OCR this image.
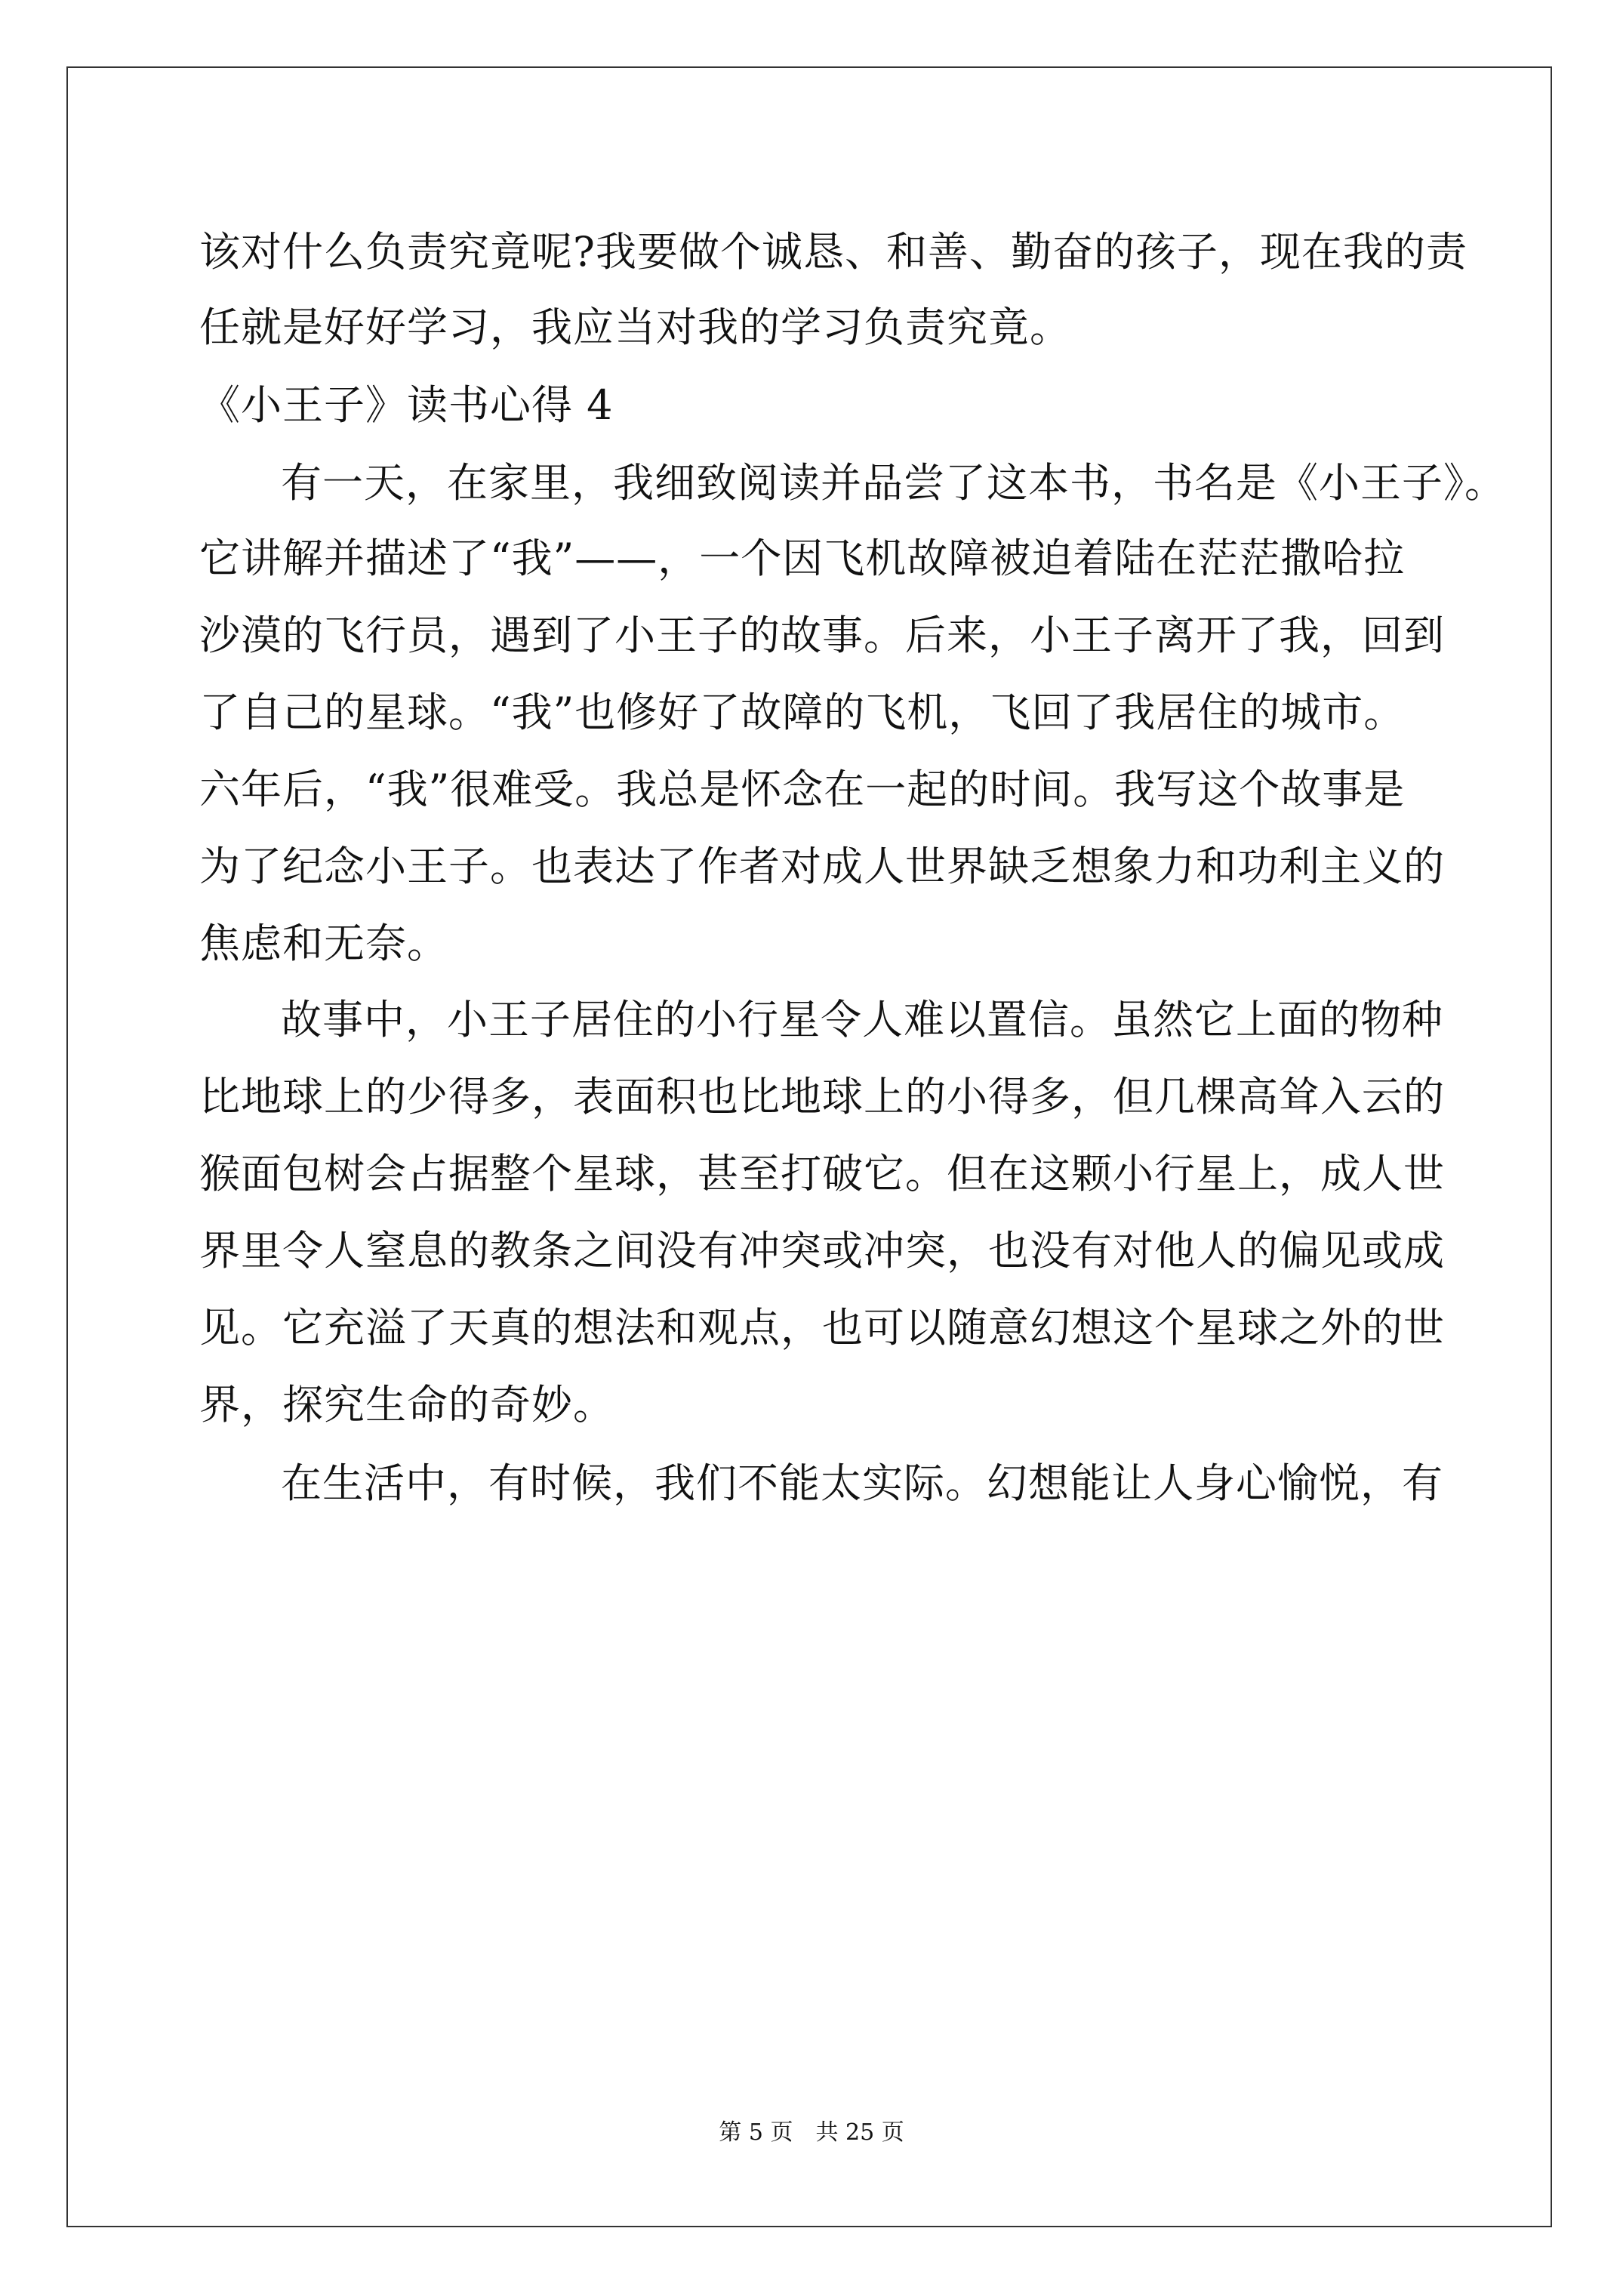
该对什么负责究竟呢?我要做个诚恳、和善、勤奋的孩子，现在我的责

任就是好好学习，我应当对我的学习负责究竟。

《小王子》读书心得 4

有一天，在家里，我细致阅读并品尝了这本书，书名是《小王子》。

它讲解并描述了“我”——，一个因飞机故障被迫着陆在茫茫撒哈拉

沙漠的飞行员，遇到了小王子的故事。后来，小王子离开了我，回到

了自己的星球。“我”也修好了故障的飞机，飞回了我居住的城市。

六年后，“我”很难受。我总是怀念在一起的时间。我写这个故事是

为了纪念小王子。也表达了作者对成人世界缺乏想象力和功利主义的

焦虑和无奈。

故事中，小王子居住的小行星令人难以置信。虽然它上面的物种

比地球上的少得多，表面积也比地球上的小得多，但几棵高耸入云的

猴面包树会占据整个星球，甚至打破它。但在这颗小行星上，成人世

界里令人窒息的教条之间没有冲突或冲突，也没有对他人的偏见或成

见。它充溢了天真的想法和观点，也可以随意幻想这个星球之外的世

界，探究生命的奇妙。

在生活中，有时候，我们不能太实际。幻想能让人身心愉悦，有

第 5 页　共 25 页
